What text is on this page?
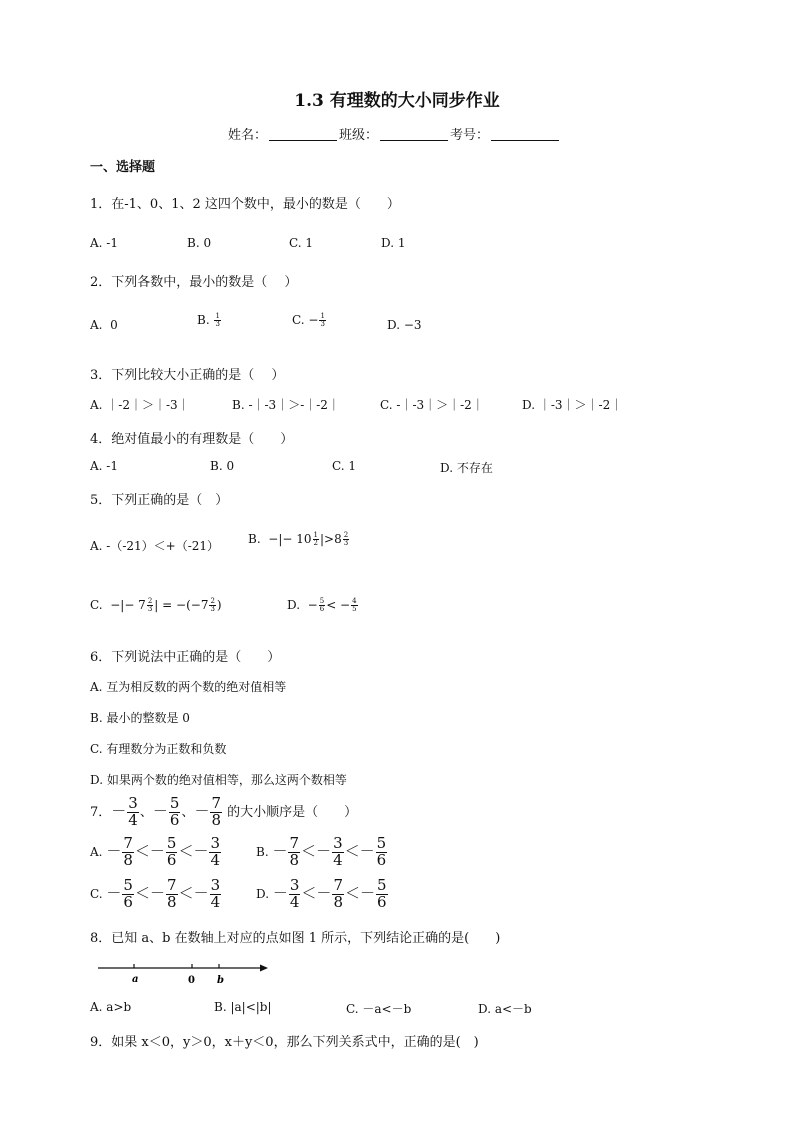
1.3 有理数的大小同步作业
姓名：	班级：	考号：
一、选择题
1．在-1、0、1、2 这四个数中，最小的数是（　　）
A. -1	B. 0	C. 1	D. 1
2．下列各数中，最小的数是（　 ）
A. 0	B. $\frac{1}{3}$	C. − $\frac{1}{3}$	D. −3
3．下列比较大小正确的是（　 ）
A. ｜-2｜＞｜-3｜	B. -｜-3｜＞-｜-2｜	C. -｜-3｜＞｜-2｜	D. ｜-3｜＞｜-2｜
4．绝对值最小的有理数是（　　）
A. -1	B. 0	C. 1	D. 不存在
5．下列正确的是（　）
A. -（-21）＜+（-21） B. −|− $10 \frac{1}{2} |>8 \frac{2}{3}$
C. −|− $7 \frac{2}{3}$ | = $-(-7 \frac{2}{3}$ )	D. − $\frac{5}{6}$ < − $\frac{4}{5}$
6．下列说法中正确的是（　　）
A. 互为相反数的两个数的绝对值相等
B. 最小的整数是 0
C. 有理数分为正数和负数
D. 如果两个数的绝对值相等，那么这两个数相等
7．－ $\frac{3}{4}$ 、－ $\frac{5}{6}$ 、－ $\frac{7}{8}$ 的大小顺序是（　　）
A. － $\frac{7}{8} <- \frac{5}{6} <- \frac{3}{4}$	B. － $\frac{7}{8} <- \frac{3}{4} <- \frac{5}{6}$
C. － $\frac{5}{6} <- \frac{7}{8} <- \frac{3}{4}$	D. － $\frac{3}{4} <- \frac{7}{8} <- \frac{5}{6}$
8．已知 a、b 在数轴上对应的点如图 1 所示，下列结论正确的是(　　)
a	0 b
A. a>b	B. |a|<|b|	C. －a<－b	D. a<－b
9．如果 x＜0，y＞0，x＋y＜0，那么下列关系式中，正确的是(　)
